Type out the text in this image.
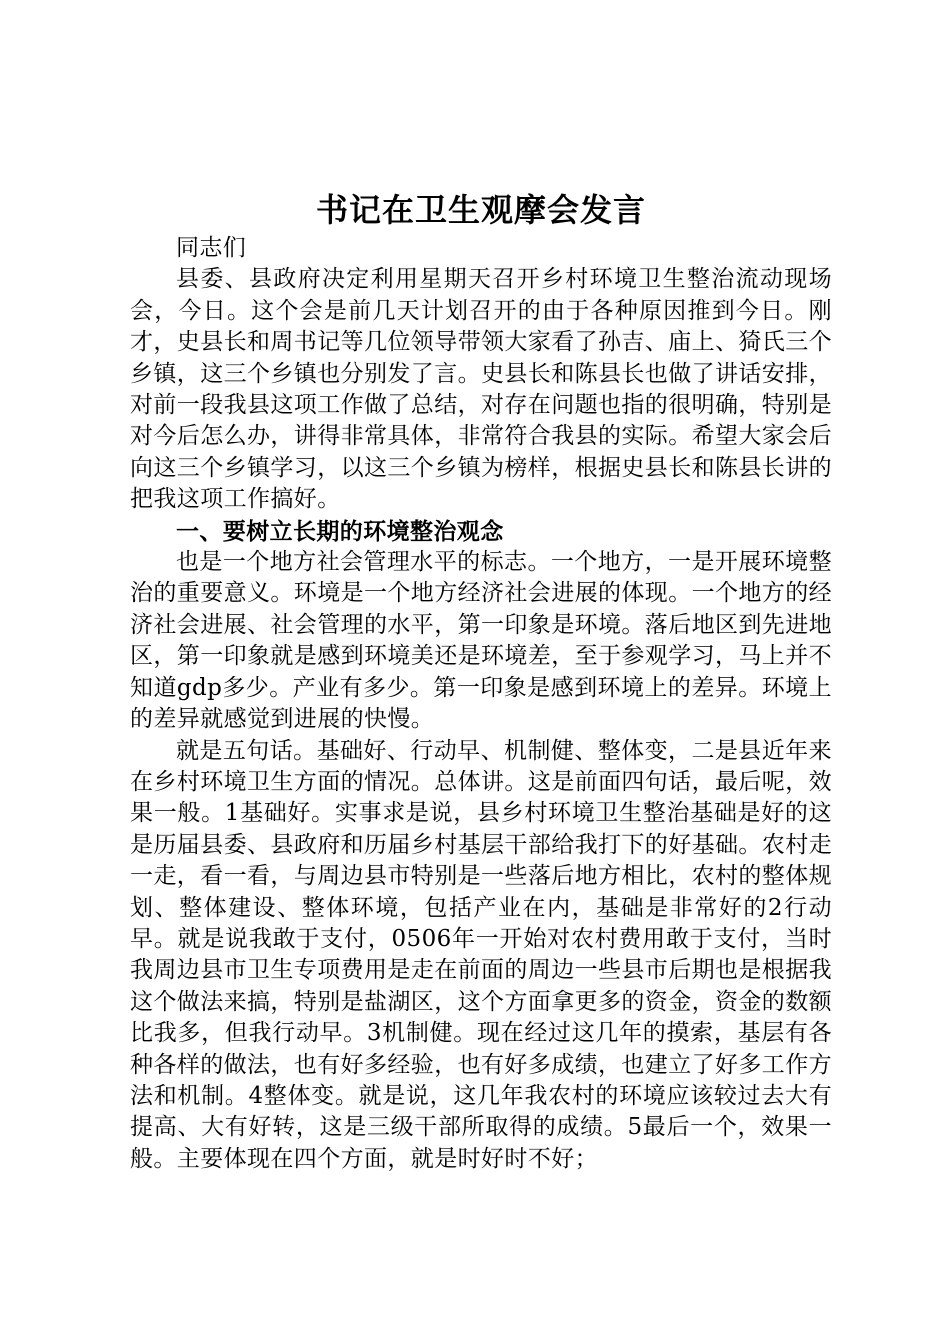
书记在卫生观摩会发言

同志们

县委、县政府决定利用星期天召开乡村环境卫生整治流动现场会，今日。这个会是前几天计划召开的由于各种原因推到今日。刚才，史县长和周书记等几位领导带领大家看了孙吉、庙上、猗氏三个乡镇，这三个乡镇也分别发了言。史县长和陈县长也做了讲话安排，对前一段我县这项工作做了总结，对存在问题也指的很明确，特别是对今后怎么办，讲得非常具体，非常符合我县的实际。希望大家会后向这三个乡镇学习，以这三个乡镇为榜样，根据史县长和陈县长讲的把我这项工作搞好。

一、要树立长期的环境整治观念

也是一个地方社会管理水平的标志。一个地方，一是开展环境整治的重要意义。环境是一个地方经济社会进展的体现。一个地方的经济社会进展、社会管理的水平，第一印象是环境。落后地区到先进地区，第一印象就是感到环境美还是环境差，至于参观学习，马上并不知道gdp多少。产业有多少。第一印象是感到环境上的差异。环境上的差异就感觉到进展的快慢。

就是五句话。基础好、行动早、机制健、整体变，二是县近年来在乡村环境卫生方面的情况。总体讲。这是前面四句话，最后呢，效果一般。1基础好。实事求是说，县乡村环境卫生整治基础是好的这是历届县委、县政府和历届乡村基层干部给我打下的好基础。农村走一走，看一看，与周边县市特别是一些落后地方相比，农村的整体规划、整体建设、整体环境，包括产业在内，基础是非常好的2行动早。就是说我敢于支付，0506年一开始对农村费用敢于支付，当时我周边县市卫生专项费用是走在前面的周边一些县市后期也是根据我这个做法来搞，特别是盐湖区，这个方面拿更多的资金，资金的数额比我多，但我行动早。3机制健。现在经过这几年的摸索，基层有各种各样的做法，也有好多经验，也有好多成绩，也建立了好多工作方法和机制。4整体变。就是说，这几年我农村的环境应该较过去大有提高、大有好转，这是三级干部所取得的成绩。5最后一个，效果一般。主要体现在四个方面，就是时好时不好；
